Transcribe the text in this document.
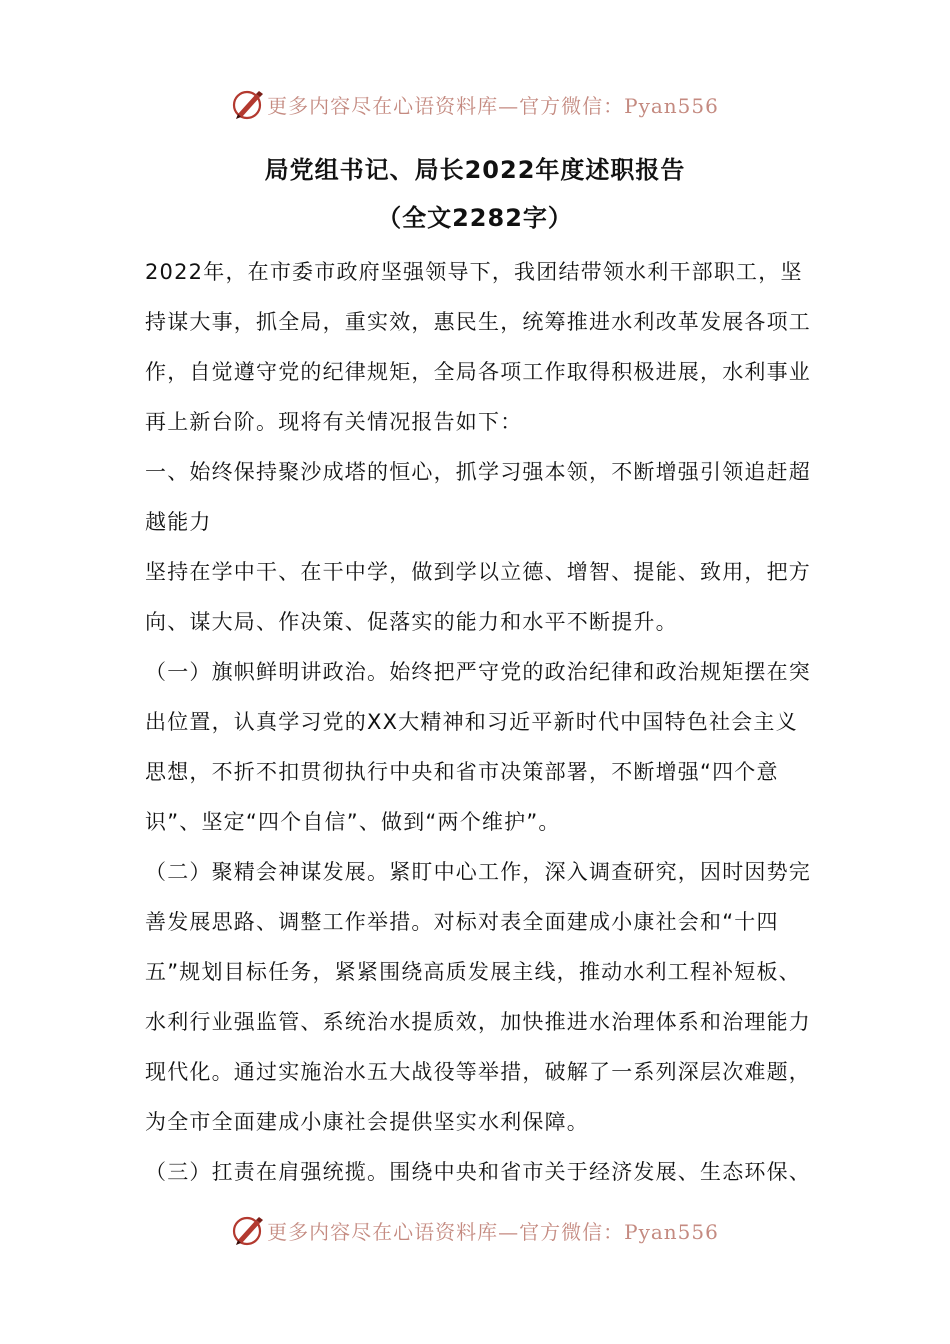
更多内容尽在心语资料库—官方微信：Pyan556
局党组书记、局长2022年度述职报告
（全文2282字）

2022年，在市委市政府坚强领导下，我团结带领水利干部职工，坚持谋大事，抓全局，重实效，惠民生，统筹推进水利改革发展各项工作，自觉遵守党的纪律规矩，全局各项工作取得积极进展，水利事业再上新台阶。现将有关情况报告如下：

一、始终保持聚沙成塔的恒心，抓学习强本领，不断增强引领追赶超越能力

坚持在学中干、在干中学，做到学以立德、增智、提能、致用，把方向、谋大局、作决策、促落实的能力和水平不断提升。

（一）旗帜鲜明讲政治。始终把严守党的政治纪律和政治规矩摆在突出位置，认真学习党的XX大精神和习近平新时代中国特色社会主义思想，不折不扣贯彻执行中央和省市决策部署，不断增强“四个意识”、坚定“四个自信”、做到“两个维护”。

（二）聚精会神谋发展。紧盯中心工作，深入调查研究，因时因势完善发展思路、调整工作举措。对标对表全面建成小康社会和“十四五”规划目标任务，紧紧围绕高质发展主线，推动水利工程补短板、水利行业强监管、系统治水提质效，加快推进水治理体系和治理能力现代化。通过实施治水五大战役等举措，破解了一系列深层次难题，为全市全面建成小康社会提供坚实水利保障。

（三）扛责在肩强统揽。围绕中央和省市关于经济发展、生态环保、

更多内容尽在心语资料库—官方微信：Pyan556
